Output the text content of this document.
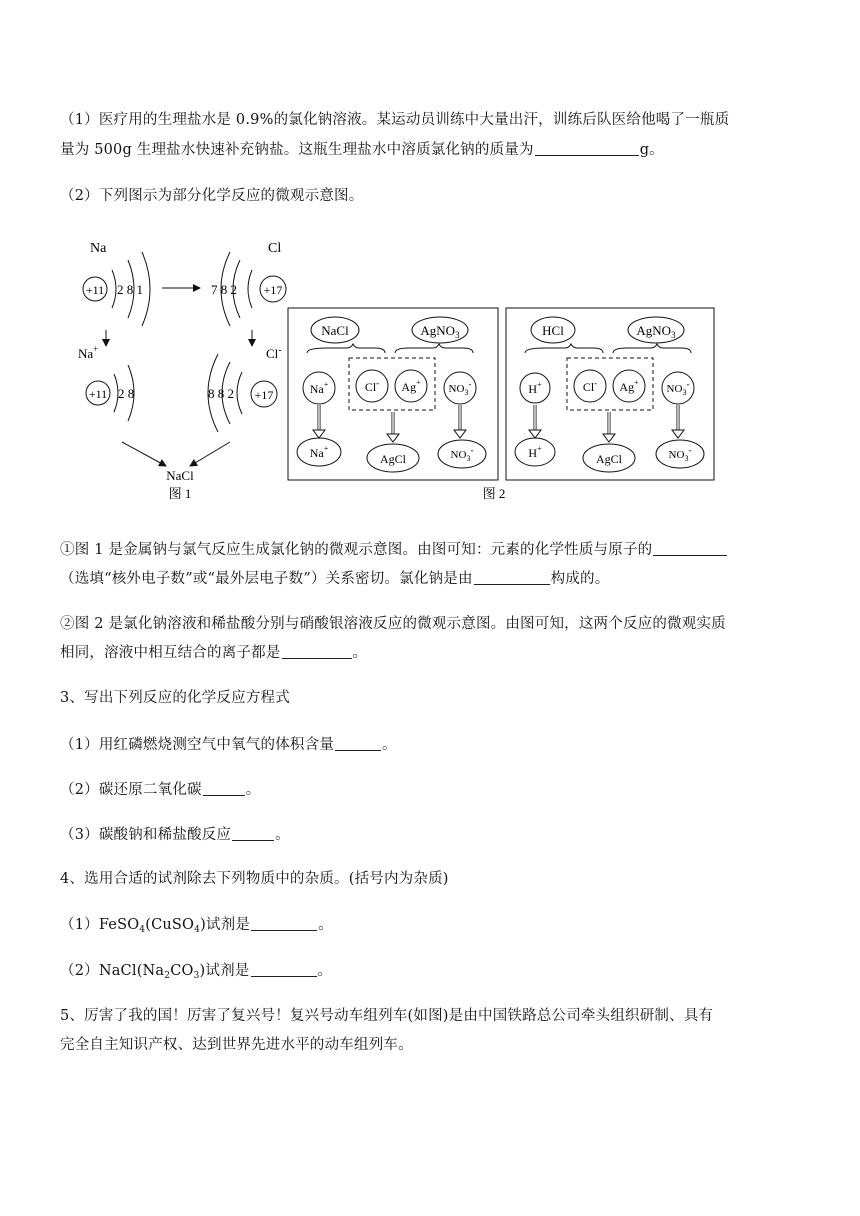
（1）医疗用的生理盐水是 0.9%的氯化钠溶液。某运动员训练中大量出汗，训练后队医给他喝了一瓶质
量为 500g 生理盐水快速补充钠盐。这瓶生理盐水中溶质氯化钠的质量为	g。
（2）下列图示为部分化学反应的微观示意图。
Na
+11 2 8 1
Cl
7 8 2 +17
Na+
+11 2 8
Cl-
8 8 2 +17
NaCl
图 1
NaCl	AgNO$_3$
Na+	Cl- Ag+
$NO_3^-$
Na+
AgCl	$NO_3^-$
HCl	AgNO$_3$
H+	Cl- Ag+
$NO_3^-$
H+
AgCl	$NO_3^-$
图 2
①图 1 是金属钠与氯气反应生成氯化钠的微观示意图。由图可知：元素的化学性质与原子的
（选填“核外电子数”或“最外层电子数”）关系密切。氯化钠是由	构成的。
②图 2 是氯化钠溶液和稀盐酸分别与硝酸银溶液反应的微观示意图。由图可知，这两个反应的微观实质
相同，溶液中相互结合的离子都是	。
3、写出下列反应的化学反应方程式
（1）用红磷燃烧测空气中氧气的体积含量	。
（2）碳还原二氧化碳	。
（3）碳酸钠和稀盐酸反应	。
4、选用合适的试剂除去下列物质中的杂质。(括号内为杂质)
（1）FeSO$_4$(CuSO$_4$)试剂是	。
$(2)NaCl(Na_2CO_3)$试剂是	。
5、厉害了我的国！厉害了复兴号！复兴号动车组列车(如图)是由中国铁路总公司牵头组织研制、具有
完全自主知识产权、达到世界先进水平的动车组列车。
